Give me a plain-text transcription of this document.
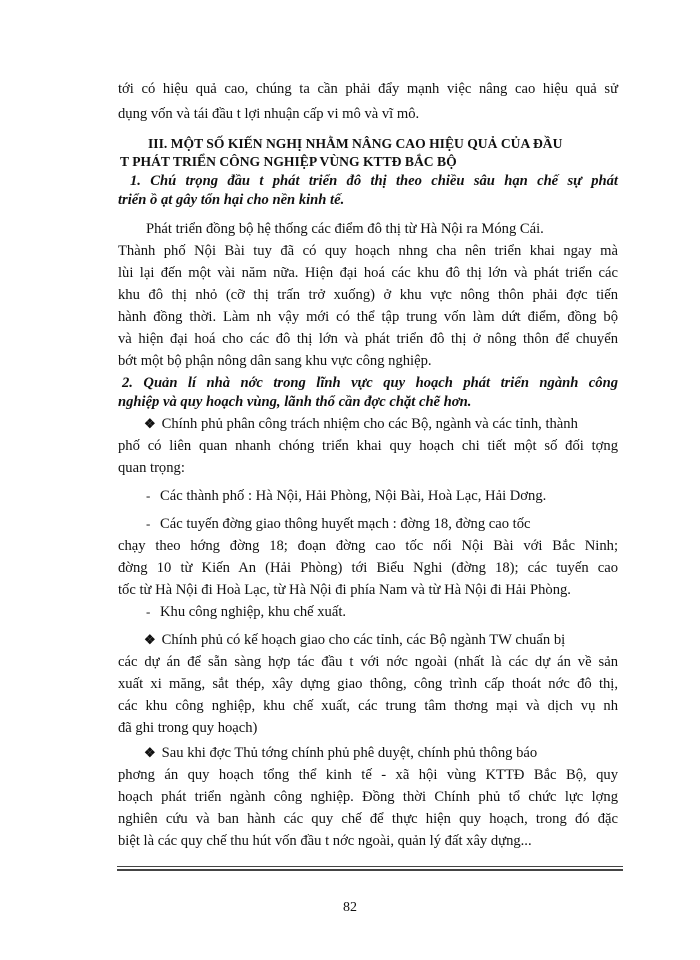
tới có hiệu quả cao, chúng ta cần phải đẩy mạnh việc nâng cao hiệu quả sử
dụng vốn và tái đầu t lợi nhuận cấp vi mô và vĩ mô.
III. MỘT SỐ KIẾN NGHỊ NHẰM NÂNG CAO HIỆU QUẢ CỦA ĐẦU
T PHÁT TRIỂN CÔNG NGHIỆP VÙNG KTTĐ BẮC BỘ
1. Chú trọng đầu t phát triển đô thị theo chiều sâu hạn chế sự phát
triển ồ ạt gây tổn hại cho nền kinh tế.
Phát triển đồng bộ hệ thống các điểm đô thị từ Hà Nội ra Móng Cái.
Thành phố Nội Bài tuy đã có quy hoạch nhng cha nên triển khai ngay mà
lùi lại đến một vài năm nữa. Hiện đại hoá các khu đô thị lớn và phát triển các
khu đô thị nhỏ (cỡ thị trấn trở xuống) ở khu vực nông thôn phải đợc tiến
hành đồng thời. Làm nh vậy mới có thể tập trung vốn làm dứt điểm, đồng bộ
và hiện đại hoá cho các đô thị lớn và phát triển đô thị ở nông thôn để chuyển
bớt một bộ phận nông dân sang khu vực công nghiệp.
2. Quản lí nhà nớc trong lĩnh vực quy hoạch phát triển ngành công
nghiệp và quy hoạch vùng, lãnh thổ cần đợc chặt chẽ hơn.
❖ Chính phủ phân công trách nhiệm cho các Bộ, ngành và các tỉnh, thành
phố có liên quan nhanh chóng triển khai quy hoạch chi tiết một số đối tợng
quan trọng:
‐ Các thành phố : Hà Nội, Hải Phòng, Nội Bài, Hoà Lạc, Hải Dơng.
‐ Các tuyến đờng giao thông huyết mạch : đờng 18, đờng cao tốc
chạy theo hớng đờng 18; đoạn đờng cao tốc nối Nội Bài với Bắc Ninh;
đờng 10 từ Kiến An (Hải Phòng) tới Biểu Nghi (đờng 18); các tuyến cao
tốc từ Hà Nội đi Hoà Lạc, từ Hà Nội đi phía Nam và từ Hà Nội đi Hải Phòng.
‐ Khu công nghiệp, khu chế xuất.
❖ Chính phủ có kế hoạch giao cho các tỉnh, các Bộ ngành TW chuẩn bị
các dự án để sẵn sàng hợp tác đầu t với nớc ngoài (nhất là các dự án về sản
xuất xi măng, sắt thép, xây dựng giao thông, công trình cấp thoát nớc đô thị,
các khu công nghiệp, khu chế xuất, các trung tâm thơng mại và dịch vụ nh
đã ghi trong quy hoạch)
❖ Sau khi đợc Thủ tớng chính phủ phê duyệt, chính phủ thông báo
phơng án quy hoạch tổng thể kinh tế - xã hội vùng KTTĐ Bắc Bộ, quy
hoạch phát triển ngành công nghiệp. Đồng thời Chính phủ tổ chức lực lợng
nghiên cứu và ban hành các quy chế để thực hiện quy hoạch, trong đó đặc
biệt là các quy chế thu hút vốn đầu t nớc ngoài, quản lý đất xây dựng...
82
